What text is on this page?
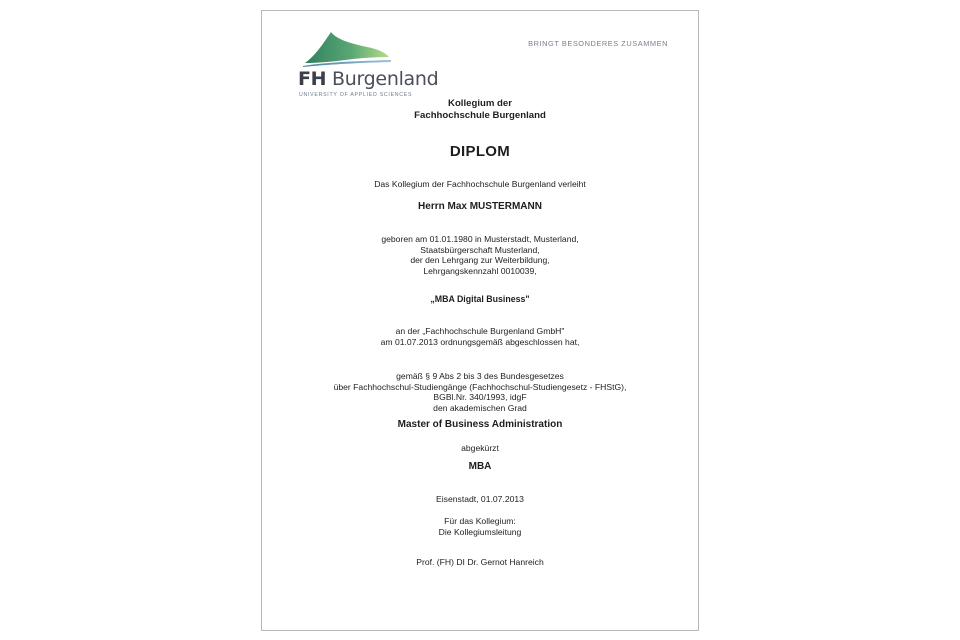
FH Burgenland
UNIVERSITY OF APPLIED SCIENCES
BRINGT BESONDERES ZUSAMMEN

Kollegium der
Fachhochschule Burgenland

DIPLOM

Das Kollegium der Fachhochschule Burgenland verleiht

Herrn Max MUSTERMANN

geboren am 01.01.1980 in Musterstadt, Musterland,
Staatsbürgerschaft Musterland,
der den Lehrgang zur Weiterbildung,
Lehrgangskennzahl 0010039,

„MBA Digital Business"

an der „Fachhochschule Burgenland GmbH"
am 01.07.2013 ordnungsgemäß abgeschlossen hat,

gemäß § 9 Abs 2 bis 3 des Bundesgesetzes
über Fachhochschul-Studiengänge (Fachhochschul-Studiengesetz - FHStG),
BGBl.Nr. 340/1993, idgF
den akademischen Grad

Master of Business Administration

abgekürzt

MBA

Eisenstadt, 01.07.2013

Für das Kollegium:
Die Kollegiumsleitung

Prof. (FH) DI Dr. Gernot Hanreich
